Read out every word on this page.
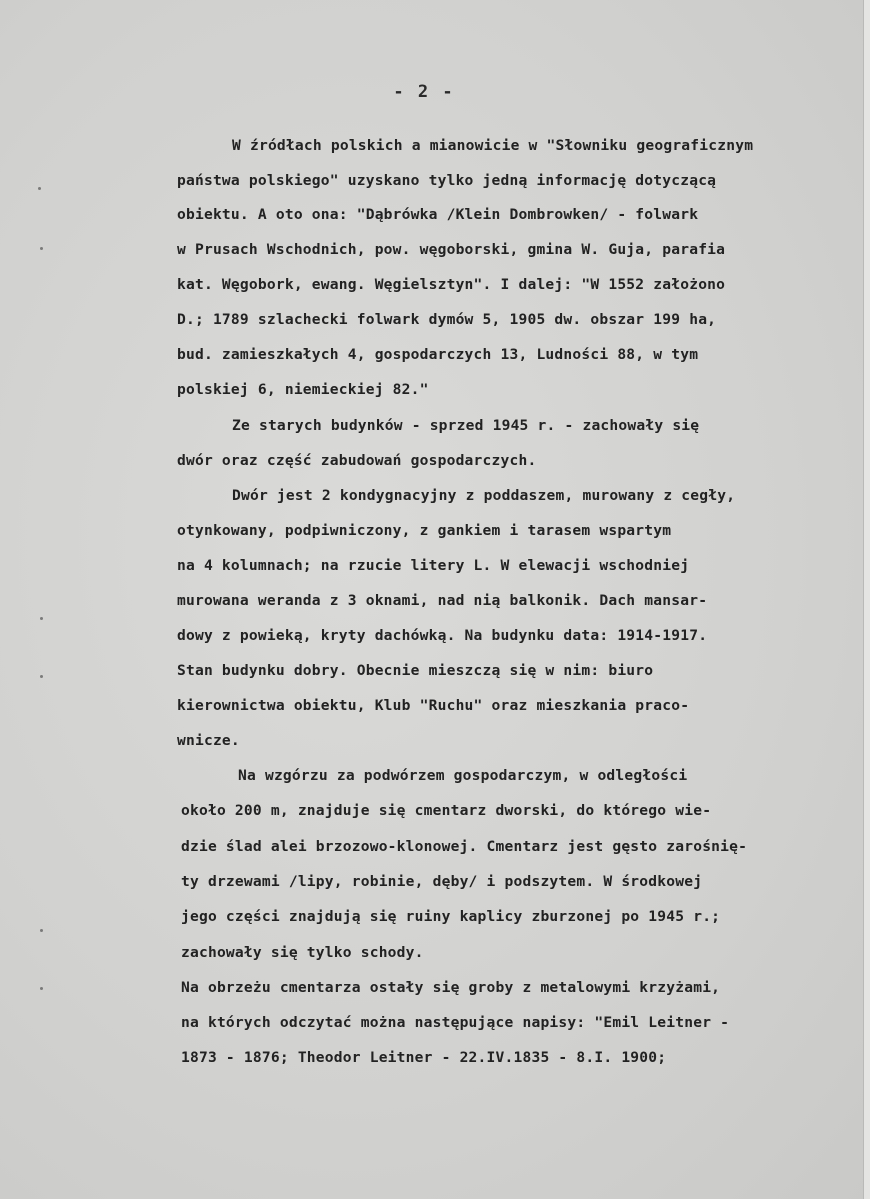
- 2 -
W źródłach polskich a mianowicie w "Słowniku geograficznym
państwa polskiego" uzyskano tylko jedną informację dotyczącą
obiektu. A oto ona: "Dąbrówka /Klein Dombrowken/ - folwark
w Prusach Wschodnich, pow. węgoborski, gmina W. Guja, parafia
kat. Węgobork, ewang. Węgielsztyn". I dalej: "W 1552 założono
D.; 1789 szlachecki folwark dymów 5, 1905 dw. obszar 199 ha,
bud. zamieszkałych 4, gospodarczych 13, Ludności 88, w tym
polskiej 6, niemieckiej 82."
Ze starych budynków - sprzed 1945 r. - zachowały się
dwór oraz część zabudowań gospodarczych.
Dwór jest 2 kondygnacyjny z poddaszem, murowany z cegły,
otynkowany, podpiwniczony, z gankiem i tarasem wspartym
na 4 kolumnach; na rzucie litery L. W elewacji wschodniej
murowana weranda z 3 oknami, nad nią balkonik. Dach mansar-
dowy z powieką, kryty dachówką. Na budynku data: 1914-1917.
Stan budynku dobry. Obecnie mieszczą się w nim: biuro
kierownictwa obiektu, Klub "Ruchu" oraz mieszkania praco-
wnicze.
Na wzgórzu za podwórzem gospodarczym, w odległości
około 200 m, znajduje się cmentarz dworski, do którego wie-
dzie ślad alei brzozowo-klonowej. Cmentarz jest gęsto zarośnię-
ty drzewami /lipy, robinie, dęby/ i podszytem. W środkowej
jego części znajdują się ruiny kaplicy zburzonej po 1945 r.;
zachowały się tylko schody.
Na obrzeżu cmentarza ostały się groby z metalowymi krzyżami,
na których odczytać można następujące napisy: "Emil Leitner -
1873 - 1876; Theodor Leitner - 22.IV.1835 - 8.I. 1900;
